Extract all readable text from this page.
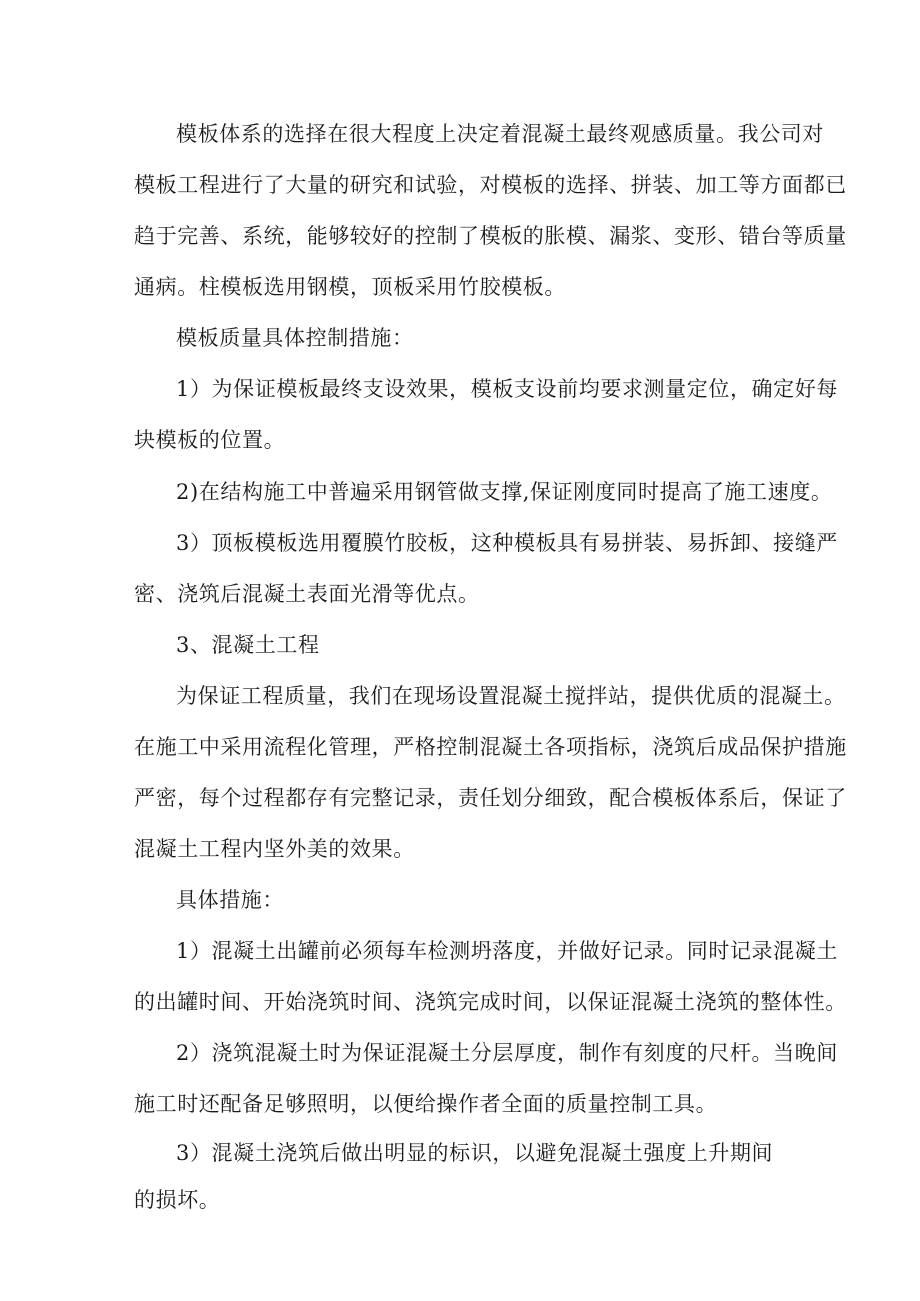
模板体系的选择在很大程度上决定着混凝土最终观感质量。我公司对
模板工程进行了大量的研究和试验，对模板的选择、拼装、加工等方面都已
趋于完善、系统，能够较好的控制了模板的胀模、漏浆、变形、错台等质量
通病。柱模板选用钢模，顶板采用竹胶模板。
模板质量具体控制措施：
1）为保证模板最终支设效果，模板支设前均要求测量定位，确定好每
块模板的位置。
2)在结构施工中普遍采用钢管做支撑,保证刚度同时提高了施工速度。
3）顶板模板选用覆膜竹胶板，这种模板具有易拼装、易拆卸、接缝严
密、浇筑后混凝土表面光滑等优点。
3、混凝土工程
为保证工程质量，我们在现场设置混凝土搅拌站，提供优质的混凝土。
在施工中采用流程化管理，严格控制混凝土各项指标，浇筑后成品保护措施
严密，每个过程都存有完整记录，责任划分细致，配合模板体系后，保证了
混凝土工程内坚外美的效果。
具体措施：
1）混凝土出罐前必须每车检测坍落度，并做好记录。同时记录混凝土
的出罐时间、开始浇筑时间、浇筑完成时间，以保证混凝土浇筑的整体性。
2）浇筑混凝土时为保证混凝土分层厚度，制作有刻度的尺杆。当晚间
施工时还配备足够照明，以便给操作者全面的质量控制工具。
3）混凝土浇筑后做出明显的标识，以避免混凝土强度上升期间
的损坏。
